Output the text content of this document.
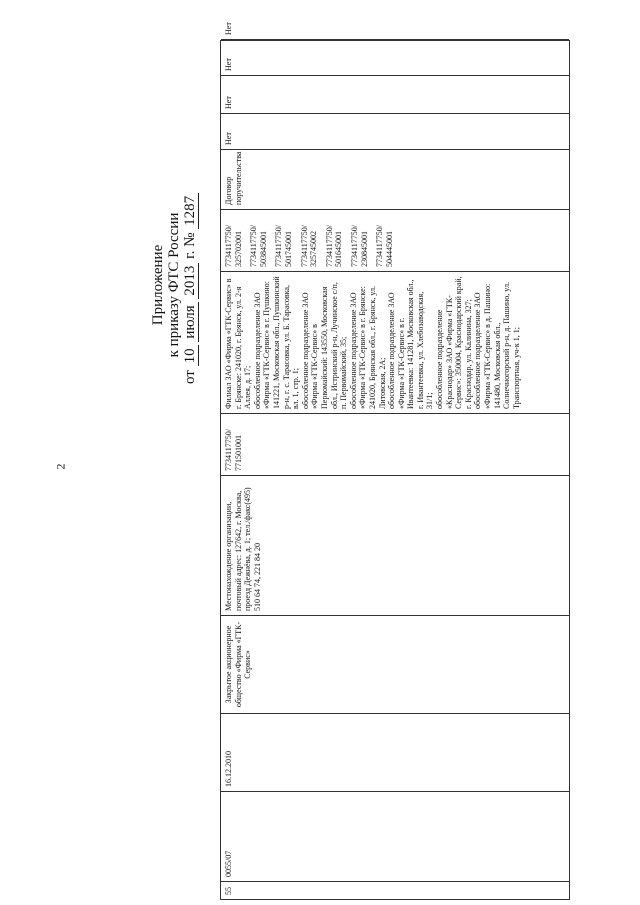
2
Приложение к приказу ФТС России
от 10 июля 2013 г. № 1287
55
0055/07
16.12.2010
Закрытое акционерное общество «Фирма «ГТК-Сервис»
Местонахождение организации, почтовый адрес: 127642, г. Москва, проезд Дежнёва, д. 1; тел./факс(495) 510 64 74, 221 84 20
7734117750/ 771501001
Филиал ЗАО «Фирма «ГТК-Сервис» в г. Брянске: 241020, г. Брянск, ул. 2-я Аллея, д. 17; обособленное подразделение ЗАО «Фирма «ГТК-Сервис» в г. Пушкино: 141221, Московская обл., Пушкинский р-н, г. с. Тарасовка, ул. Б. Тарасовка, вл. 1, стр. 1; обособленное подразделение ЗАО «Фирма «ГТК-Сервис» в Первомайский: 143550, Московская обл., Истринский р-н, Лучинское с/п, п. Первомайский, 35; обособленное подразделение ЗАО «Фирма «ГТК-Сервис» в г. Брянске: 241020, Брянская обл., г. Брянск, ул. Литовская, 2А; обособленное подразделение ЗАО «Фирма «ГТК-Сервис» в г. Ивантеевка: 141281, Московская обл., г. Ивантеевка, ул. Хлебозаводская, 31/1; обособленное подразделение «Краснодар» ЗАО «Фирма «ГТК-Сервис»: 350004, Краснодарский край, г. Краснодар, ул. Калинина, 327; обособленное подразделение ЗАО «Фирма «ГТК-Сервис» в д. Пашино: 141480, Московская обл., Солнечногорский р-н, д. Пашино, ул. Транспортная, уч-к 1, 1;
7734117750/ 325702001 7734117750/ 503845001 7734117750/ 501745001 7734117750/ 325745002 7734117750/ 501645001 7734117750/ 230845001 7734117750/ 504445001
Договор поручительства
Нет
Нет
Нет
Нет
